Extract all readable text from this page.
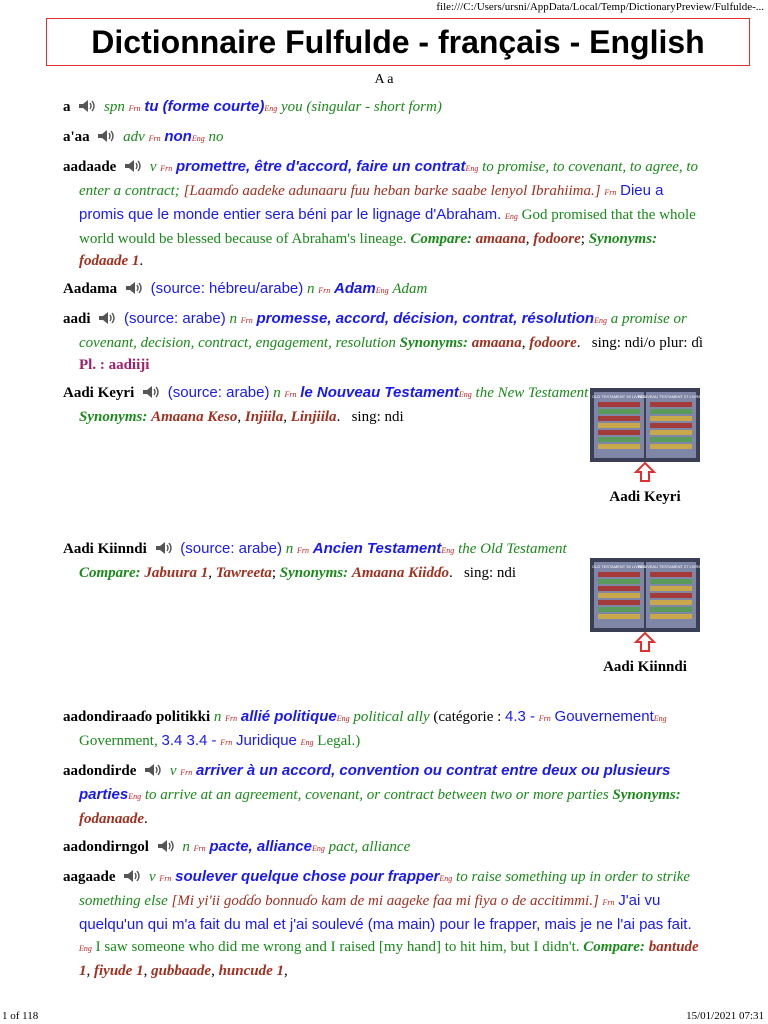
file:///C:/Users/ursni/AppData/Local/Temp/DictionaryPreview/Fulfulde-...
Dictionnaire Fulfulde - français - English
A a
a spn Frn tu (forme courte)Eng you (singular - short form)
a'aa adv Frn nonEng no
aadaade v Frn promettre, être d'accord, faire un contratEng to promise, to covenant, to agree, to enter a contract; [Laamɗo aadeke adunaaru fuu heban barke saabe lenyol Ibrahiima.] Frn Dieu a promis que le monde entier sera béni par le lignage d'Abraham. Eng God promised that the whole world would be blessed because of Abraham's lineage. Compare: amaana, fodoore; Synonyms: fodaade 1.
Aadama (source: hébreu/arabe) n Frn AdamEng Adam
aadi (source: arabe) n Frn promesse, accord, décision, contrat, résolutionEng a promise or covenant, decision, contract, engagement, resolution Synonyms: amaana, fodoore.   sing: ndi/o plur: ɗi Pl. : aadiiji
Aadi Keyri (source: arabe) n Frn le Nouveau TestamentEng the New Testament Synonyms: Amaana Keso, Injiila, Linjiila.   sing: ndi
OLD TESTAMENT 39 LIVRES
NOUVEAU TESTAMENT 27 LIVRES
Aadi Keyri
Aadi Kiinndi (source: arabe) n Frn Ancien TestamentEng the Old Testament Compare: Jabuura 1, Tawreeta; Synonyms: Amaana Kiidɗo.   sing: ndi	OLD TESTAMENT 39 LIVRES
NOUVEAU TESTAMENT 27 LIVRES
Aadi Kiinndi
aadondiraaɗo politikki n Frn allié politiqueEng political ally (catégorie : 4.3 - Frn GouvernementEng Government, 3.4 3.4 - Frn Juridique Eng Legal.)
aadondirde v Frn arriver à un accord, convention ou contrat entre deux ou plusieurs partiesEng to arrive at an agreement, covenant, or contract between two or more parties Synonyms: fodanaade.
aadondirngol n Frn pacte, allianceEng pact, alliance
aagaade v Frn soulever quelque chose pour frapperEng to raise something up in order to strike something else [Mi yi'ii goɗɗo bonnuɗo kam de mi aageke faa mi fiya o de accitimmi.] Frn J'ai vu quelqu'un qui m'a fait du mal et j'ai soulevé (ma main) pour le frapper, mais je ne l'ai pas fait. Eng I saw someone who did me wrong and I raised [my hand] to hit him, but I didn't. Compare: bantude 1, fiyude 1, gubbaade, huncude 1,
1 of 118	15/01/2021 07:31
